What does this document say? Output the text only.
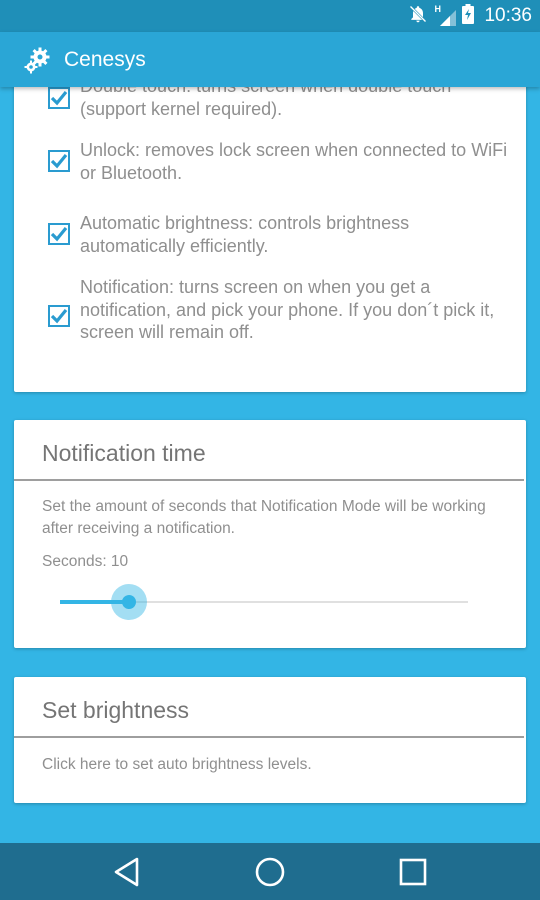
H 10:36
Cenesys
(support kernel required).
Unlock: removes lock screen when connected to WiFi or Bluetooth.
Automatic brightness: controls brightness automatically efficiently.
Notification: turns screen on when you get a notification, and pick your phone. If you don´t pick it, screen will remain off.
Notification time
Set the amount of seconds that Notification Mode will be working after receiving a notification.
Seconds: 10
Set brightness
Click here to set auto brightness levels.
